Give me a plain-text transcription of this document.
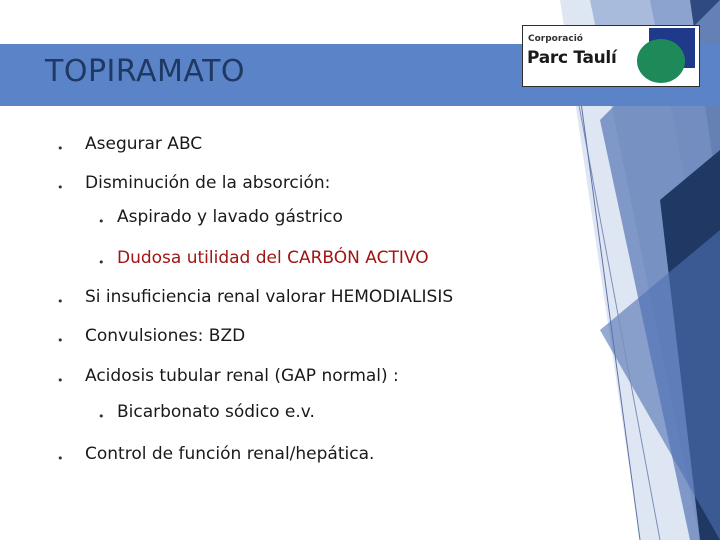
TOPIRAMATO
Corporació
Parc Taulí
• Asegurar ABC
• Disminución de la absorción:
• Aspirado y lavado gástrico
• Dudosa utilidad del CARBÓN ACTIVO
• Si insuficiencia renal valorar HEMODIALISIS
• Convulsiones: BZD
• Acidosis tubular renal (GAP normal) :
• Bicarbonato sódico e.v.
• Control de función renal/hepática.
